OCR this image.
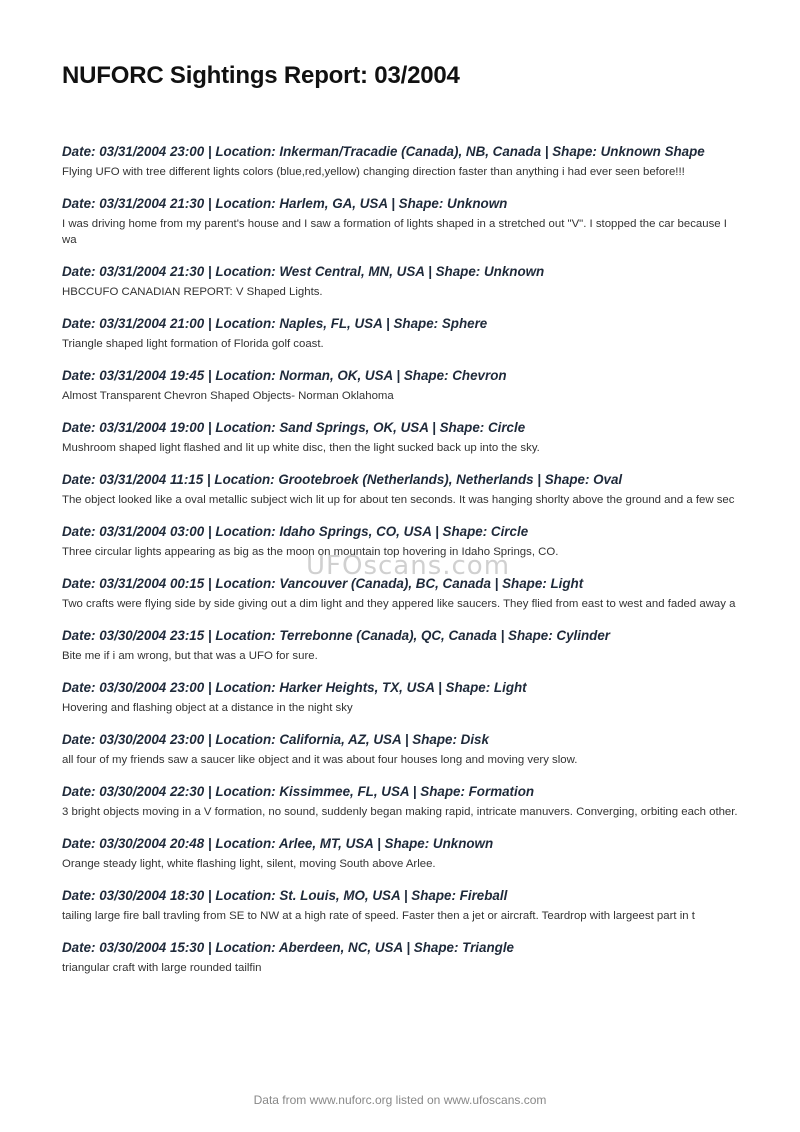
NUFORC Sightings Report: 03/2004
Date: 03/31/2004 23:00 | Location: Inkerman/Tracadie (Canada), NB, Canada | Shape: Unknown Shape
Flying UFO with tree different lights colors (blue,red,yellow) changing direction faster than anything i had ever seen before!!!
Date: 03/31/2004 21:30 | Location: Harlem, GA, USA | Shape: Unknown
I was driving home from my parent's house and I saw a formation of lights shaped in a stretched out "V". I stopped the car because I wa
Date: 03/31/2004 21:30 | Location: West Central, MN, USA | Shape: Unknown
HBCCUFO CANADIAN REPORT: V Shaped Lights.
Date: 03/31/2004 21:00 | Location: Naples, FL, USA | Shape: Sphere
Triangle shaped light formation of Florida golf coast.
Date: 03/31/2004 19:45 | Location: Norman, OK, USA | Shape: Chevron
Almost Transparent Chevron Shaped Objects- Norman Oklahoma
Date: 03/31/2004 19:00 | Location: Sand Springs, OK, USA | Shape: Circle
Mushroom shaped light flashed and lit up white disc, then the light sucked back up into the sky.
Date: 03/31/2004 11:15 | Location: Grootebroek (Netherlands), Netherlands | Shape: Oval
The object looked like a oval metallic subject wich lit up for about ten seconds. It was hanging shorlty above the ground and a few sec
Date: 03/31/2004 03:00 | Location: Idaho Springs, CO, USA | Shape: Circle
Three circular lights appearing as big as the moon on mountain top hovering in Idaho Springs, CO.
Date: 03/31/2004 00:15 | Location: Vancouver (Canada), BC, Canada | Shape: Light
Two crafts were flying side by side giving out a dim light and they appered like saucers. They flied from east to west and faded away a
Date: 03/30/2004 23:15 | Location: Terrebonne (Canada), QC, Canada | Shape: Cylinder
Bite me if i am wrong, but that was a UFO for sure.
Date: 03/30/2004 23:00 | Location: Harker Heights, TX, USA | Shape: Light
Hovering and flashing object at a distance in the night sky
Date: 03/30/2004 23:00 | Location: California, AZ, USA | Shape: Disk
all four of my friends saw a saucer like object and it was about four houses long and moving very slow.
Date: 03/30/2004 22:30 | Location: Kissimmee, FL, USA | Shape: Formation
3 bright objects moving in a V formation, no sound, suddenly began making rapid, intricate manuvers. Converging, orbiting each other.
Date: 03/30/2004 20:48 | Location: Arlee, MT, USA | Shape: Unknown
Orange steady light, white flashing light, silent, moving South above Arlee.
Date: 03/30/2004 18:30 | Location: St. Louis, MO, USA | Shape: Fireball
tailing large fire ball travling from SE to NW at a high rate of speed. Faster then a jet or aircraft. Teardrop with largeest part in t
Date: 03/30/2004 15:30 | Location: Aberdeen, NC, USA | Shape: Triangle
triangular craft with large rounded tailfin
UFOscans.com
Data from www.nuforc.org listed on www.ufoscans.com
